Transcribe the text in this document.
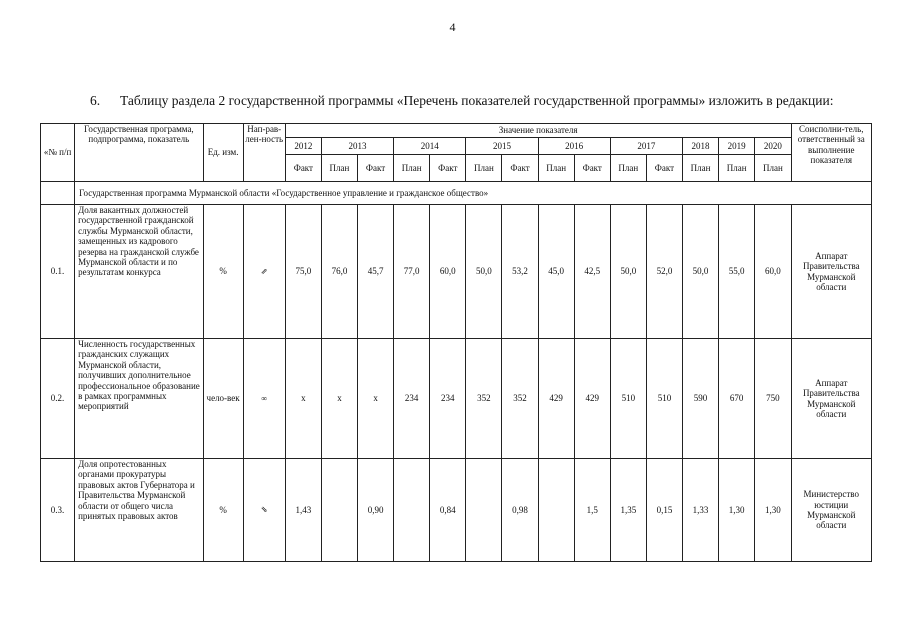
4
6. Таблицу раздела 2 государственной программы «Перечень показателей государственной программы» изложить в редакции:
«№ п/п	Государственная программа, подпрограмма, показатель	Ед. изм.	Нап-рав-лен-ность	Значение показателя														Соисполни-тель, ответственный за выполнение показателя
				2012	2013		2014		2015		2016		2017		2018	2019	2020	
				Факт	План	Факт	План	Факт	План	Факт	План	Факт	План	Факт	План	План	План	
	Государственная программа Мурманской области «Государственное управление и гражданское общество»																	
0.1.	Доля вакантных должностей государственной гражданской службы Мурманской области, замещенных из кадрового резерва на гражданской службе Мурманской области и по результатам конкурса	%	⇗	75,0	76,0	45,7	77,0	60,0	50,0	53,2	45,0	42,5	50,0	52,0	50,0	55,0	60,0	Аппарат Правительства Мурманской области
0.2.	Численность государственных гражданских служащих Мурманской области, получивших дополнительное профессиональное образование в рамках программных мероприятий	чело-век	∞	x	x	x	234	234	352	352	429	429	510	510	590	670	750	Аппарат Правительства Мурманской области
0.3.	Доля опротестованных органами прокуратуры правовых актов Губернатора и Правительства Мурманской области от общего числа принятых правовых актов	%	⇘	1,43		0,90		0,84		0,98		1,5	1,35	0,15	1,33	1,30	1,30	Министерство юстиции Мурманской области
